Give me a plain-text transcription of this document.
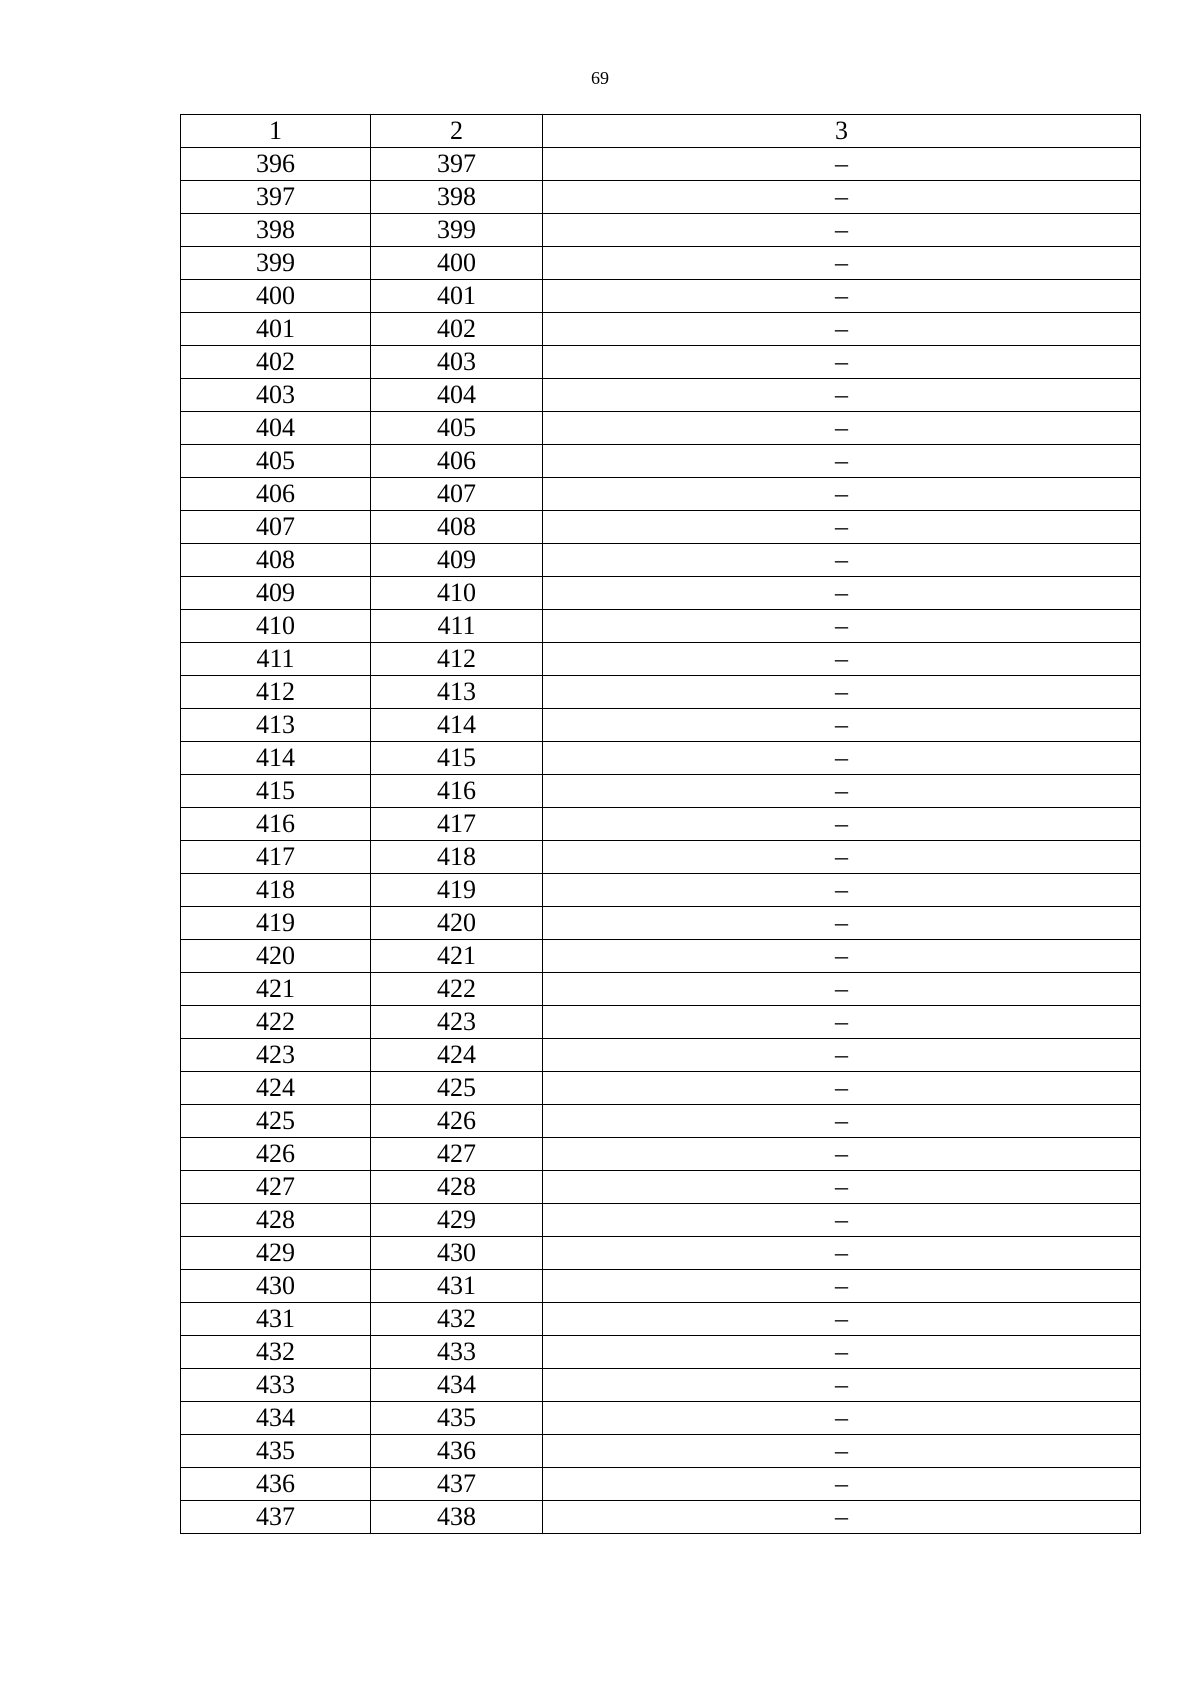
69
1	2	3
396	397	–
397	398	–
398	399	–
399	400	–
400	401	–
401	402	–
402	403	–
403	404	–
404	405	–
405	406	–
406	407	–
407	408	–
408	409	–
409	410	–
410	411	–
411	412	–
412	413	–
413	414	–
414	415	–
415	416	–
416	417	–
417	418	–
418	419	–
419	420	–
420	421	–
421	422	–
422	423	–
423	424	–
424	425	–
425	426	–
426	427	–
427	428	–
428	429	–
429	430	–
430	431	–
431	432	–
432	433	–
433	434	–
434	435	–
435	436	–
436	437	–
437	438	–
